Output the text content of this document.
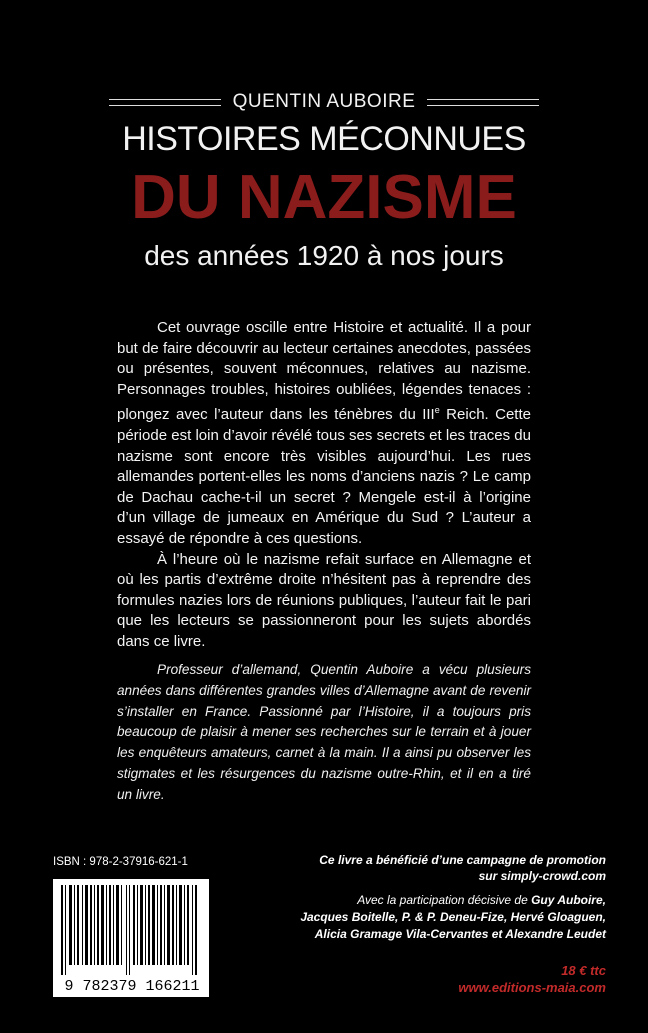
QUENTIN AUBOIRE
HISTOIRES MÉCONNUES
DU NAZISME
des années 1920 à nos jours

Cet ouvrage oscille entre Histoire et actualité. Il a pour but de faire découvrir au lecteur certaines anecdotes, passées ou présentes, souvent méconnues, relatives au nazisme. Personnages troubles, histoires oubliées, légendes tenaces : plongez avec l’auteur dans les ténèbres du IIIe Reich. Cette période est loin d’avoir révélé tous ses secrets et les traces du nazisme sont encore très visibles aujourd’hui. Les rues allemandes portent-elles les noms d’anciens nazis ? Le camp de Dachau cache-t-il un secret ? Mengele est-il à l’origine d’un village de jumeaux en Amérique du Sud ? L’auteur a essayé de répondre à ces questions.

À l’heure où le nazisme refait surface en Allemagne et où les partis d’extrême droite n’hésitent pas à reprendre des formules nazies lors de réunions publiques, l’auteur fait le pari que les lecteurs se passionneront pour les sujets abordés dans ce livre.

Professeur d’allemand, Quentin Auboire a vécu plusieurs années dans différentes grandes villes d’Allemagne avant de revenir s’installer en France. Passionné par l’Histoire, il a toujours pris beaucoup de plaisir à mener ses recherches sur le terrain et à jouer les enquêteurs amateurs, carnet à la main. Il a ainsi pu observer les stigmates et les résurgences du nazisme outre-Rhin, et il en a tiré un livre.

ISBN : 978-2-37916-621-1
9 782379 166211
Ce livre a bénéficié d’une campagne de promotion
sur simply-crowd.com
Avec la participation décisive de Guy Auboire,
Jacques Boitelle, P. & P. Deneu-Fize, Hervé Gloaguen,
Alicia Gramage Vila-Cervantes et Alexandre Leudet
18 € ttc
www.editions-maia.com
